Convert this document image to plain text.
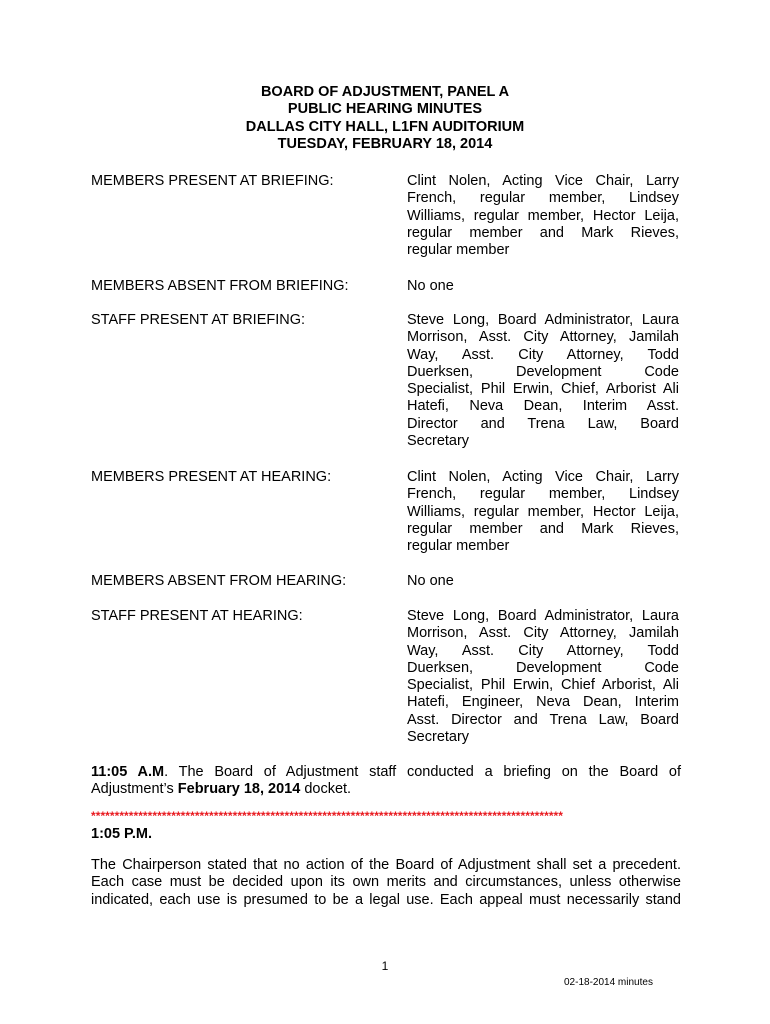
BOARD OF ADJUSTMENT, PANEL A
PUBLIC HEARING MINUTES
DALLAS CITY HALL, L1FN AUDITORIUM
TUESDAY, FEBRUARY 18, 2014
MEMBERS PRESENT AT BRIEFING:	Clint Nolen, Acting Vice Chair, Larry
French, regular member, Lindsey
Williams, regular member, Hector Leija,
regular member and Mark Rieves,
regular member
MEMBERS ABSENT FROM BRIEFING:	No one
STAFF PRESENT AT BRIEFING:	Steve Long, Board Administrator, Laura
Morrison, Asst. City Attorney, Jamilah
Way, Asst. City Attorney, Todd
Duerksen, Development Code
Specialist, Phil Erwin, Chief, Arborist Ali
Hatefi, Neva Dean, Interim Asst.
Director and Trena Law, Board
Secretary
MEMBERS PRESENT AT HEARING:	Clint Nolen, Acting Vice Chair, Larry
French, regular member, Lindsey
Williams, regular member, Hector Leija,
regular member and Mark Rieves,
regular member
MEMBERS ABSENT FROM HEARING:	No one
STAFF PRESENT AT HEARING:	Steve Long, Board Administrator, Laura
Morrison, Asst. City Attorney, Jamilah
Way, Asst. City Attorney, Todd
Duerksen, Development Code
Specialist, Phil Erwin, Chief Arborist, Ali
Hatefi, Engineer, Neva Dean, Interim
Asst. Director and Trena Law, Board
Secretary
11:05 A.M. The Board of Adjustment staff conducted a briefing on the Board of
Adjustment’s February 18, 2014 docket.
****************************************************************************************************
1:05 P.M.
The Chairperson stated that no action of the Board of Adjustment shall set a precedent.
Each case must be decided upon its own merits and circumstances, unless otherwise
indicated, each use is presumed to be a legal use. Each appeal must necessarily stand
1
02-18-2014 minutes
